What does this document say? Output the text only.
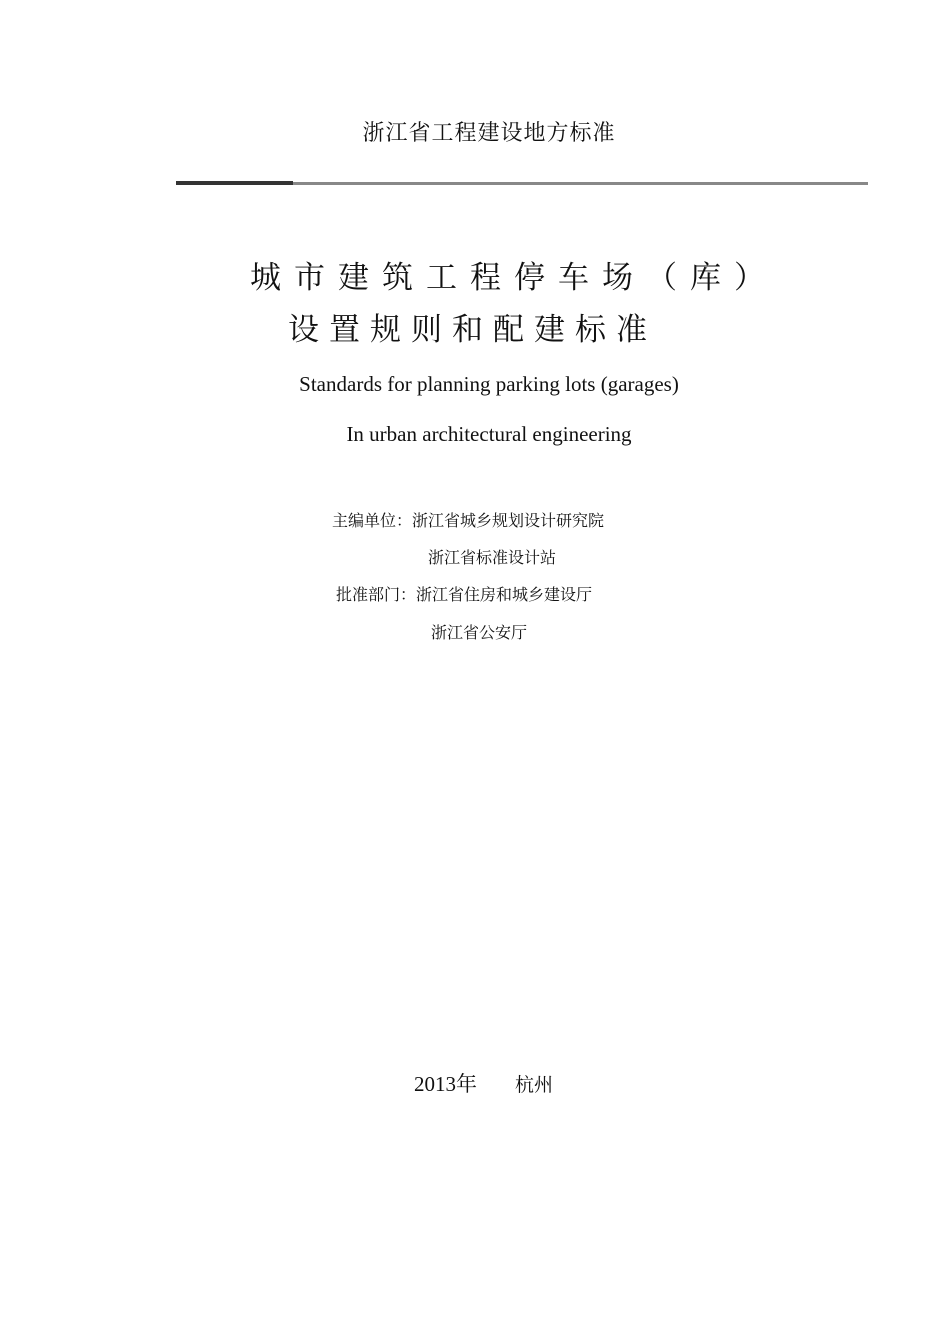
浙江省工程建设地方标准
城市建筑工程停车场（库）
设置规则和配建标准
Standards for planning parking lots (garages)
In urban architectural engineering
主编单位：浙江省城乡规划设计研究院
浙江省标准设计站
批准部门：浙江省住房和城乡建设厅
浙江省公安厅
2013年 杭州
